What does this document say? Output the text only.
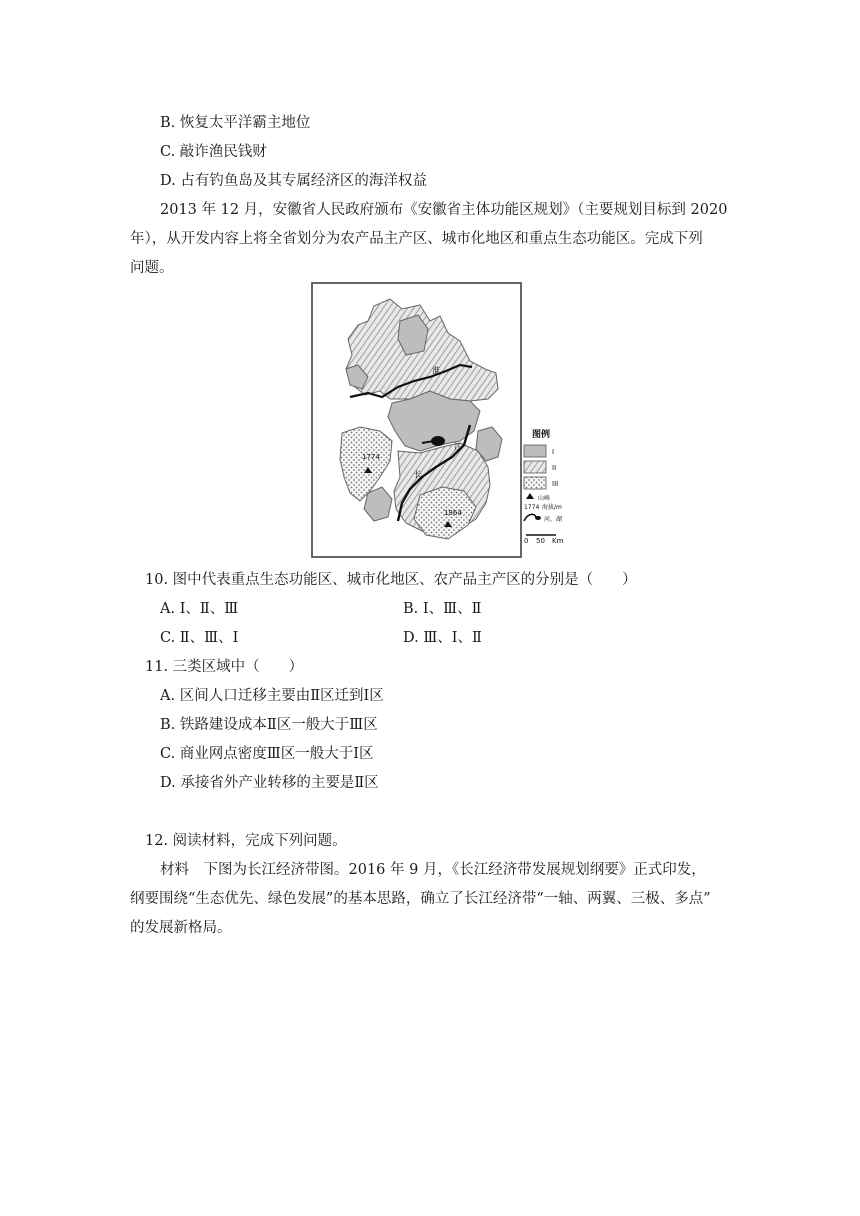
B. 恢复太平洋霸主地位
C. 敲诈渔民钱财
D. 占有钓鱼岛及其专属经济区的海洋权益
2013 年 12 月，安徽省人民政府颁布《安徽省主体功能区规划》（主要规划目标到 2020
年），从开发内容上将全省划分为农产品主产区、城市化地区和重点生态功能区。完成下列
问题。
淮
江
长
1774
1864
图例
I
II
III
山峰
1774 海拔/m
河、湖
0 50 Km
10. 图中代表重点生态功能区、城市化地区、农产品主产区的分别是（　　）
A. Ⅰ、Ⅱ、Ⅲ	B. Ⅰ、Ⅲ、Ⅱ
C. Ⅱ、Ⅲ、Ⅰ	D. Ⅲ、Ⅰ、Ⅱ
11. 三类区域中（　　）
A. 区间人口迁移主要由Ⅱ区迁到Ⅰ区
B. 铁路建设成本Ⅱ区一般大于Ⅲ区
C. 商业网点密度Ⅲ区一般大于Ⅰ区
D. 承接省外产业转移的主要是Ⅱ区
12. 阅读材料，完成下列问题。
材料　下图为长江经济带图。2016 年 9 月，《长江经济带发展规划纲要》正式印发，
纲要围绕“生态优先、绿色发展”的基本思路，确立了长江经济带“一轴、两翼、三极、多点”
的发展新格局。
